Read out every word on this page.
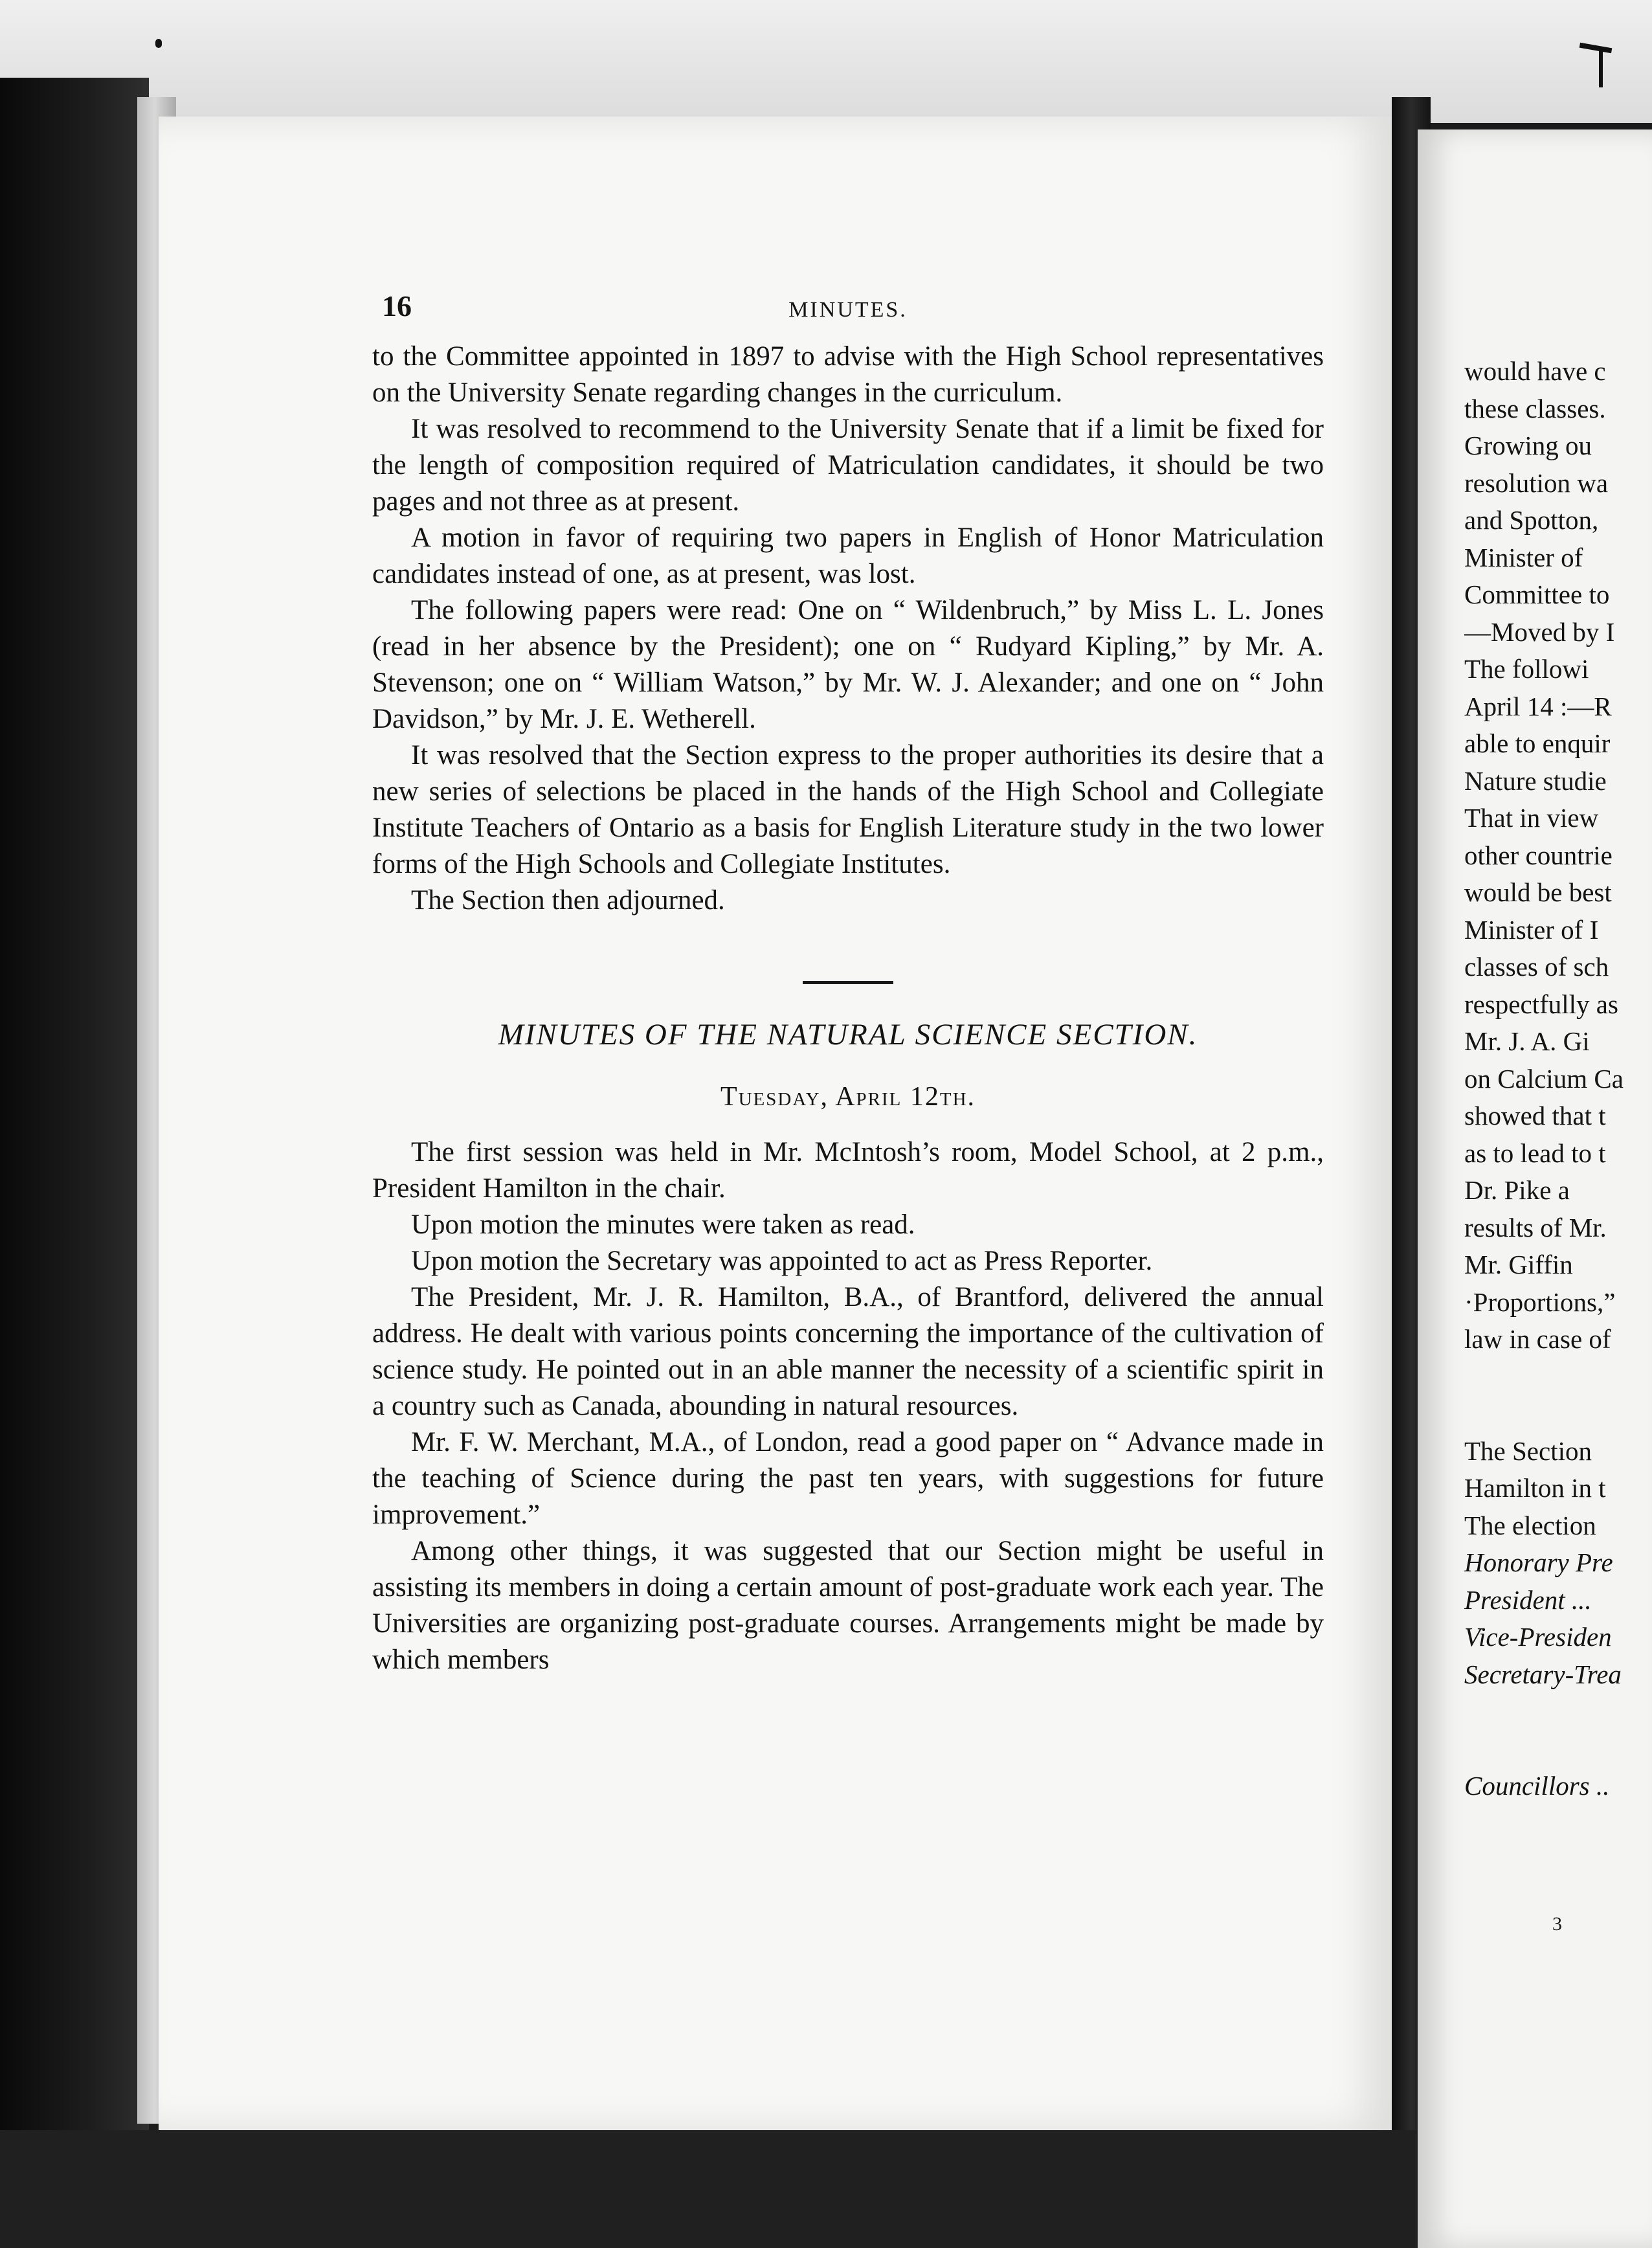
16	MINUTES.

to the Committee appointed in 1897 to advise with the High School representatives on the University Senate regarding changes in the curriculum.

It was resolved to recommend to the University Senate that if a limit be fixed for the length of composition required of Matriculation candidates, it should be two pages and not three as at present.

A motion in favor of requiring two papers in English of Honor Matriculation candidates instead of one, as at present, was lost.

The following papers were read: One on “ Wildenbruch,” by Miss L. L. Jones (read in her absence by the President); one on “ Rudyard Kipling,” by Mr. A. Stevenson; one on “ William Watson,” by Mr. W. J. Alexander; and one on “ John Davidson,” by Mr. J. E. Wetherell.

It was resolved that the Section express to the proper authorities its desire that a new series of selections be placed in the hands of the High School and Collegiate Institute Teachers of Ontario as a basis for English Literature study in the two lower forms of the High Schools and Collegiate Institutes.

The Section then adjourned.

MINUTES OF THE NATURAL SCIENCE SECTION.
Tuesday, April 12th.

The first session was held in Mr. McIntosh’s room, Model School, at 2 p.m., President Hamilton in the chair.

Upon motion the minutes were taken as read.

Upon motion the Secretary was appointed to act as Press Reporter.

The President, Mr. J. R. Hamilton, B.A., of Brantford, delivered the annual address. He dealt with various points concerning the importance of the cultivation of science study. He pointed out in an able manner the necessity of a scientific spirit in a country such as Canada, abounding in natural resources.

Mr. F. W. Merchant, M.A., of London, read a good paper on “ Advance made in the teaching of Science during the past ten years, with suggestions for future improvement.”

Among other things, it was suggested that our Section might be useful in assisting its members in doing a certain amount of post-graduate work each year. The Universities are organizing post-graduate courses. Arrangements might be made by which members

would have c
these classes.
Growing ou
resolution wa
and Spotton,
Minister of
Committee to
—Moved by I
The followi
April 14 :—R
able to enquir
Nature studie
That in view
other countrie
would be best
Minister of I
classes of sch
respectfully as
Mr. J. A. Gi
on Calcium Ca
showed that t
as to lead to t
Dr. Pike a
results of Mr.
Mr. Giffin
·Proportions,”
law in case of
The Section
Hamilton in t
The election
Honorary Pre
President ...
Vice-Presiden
Secretary-Trea
Councillors ..
3
